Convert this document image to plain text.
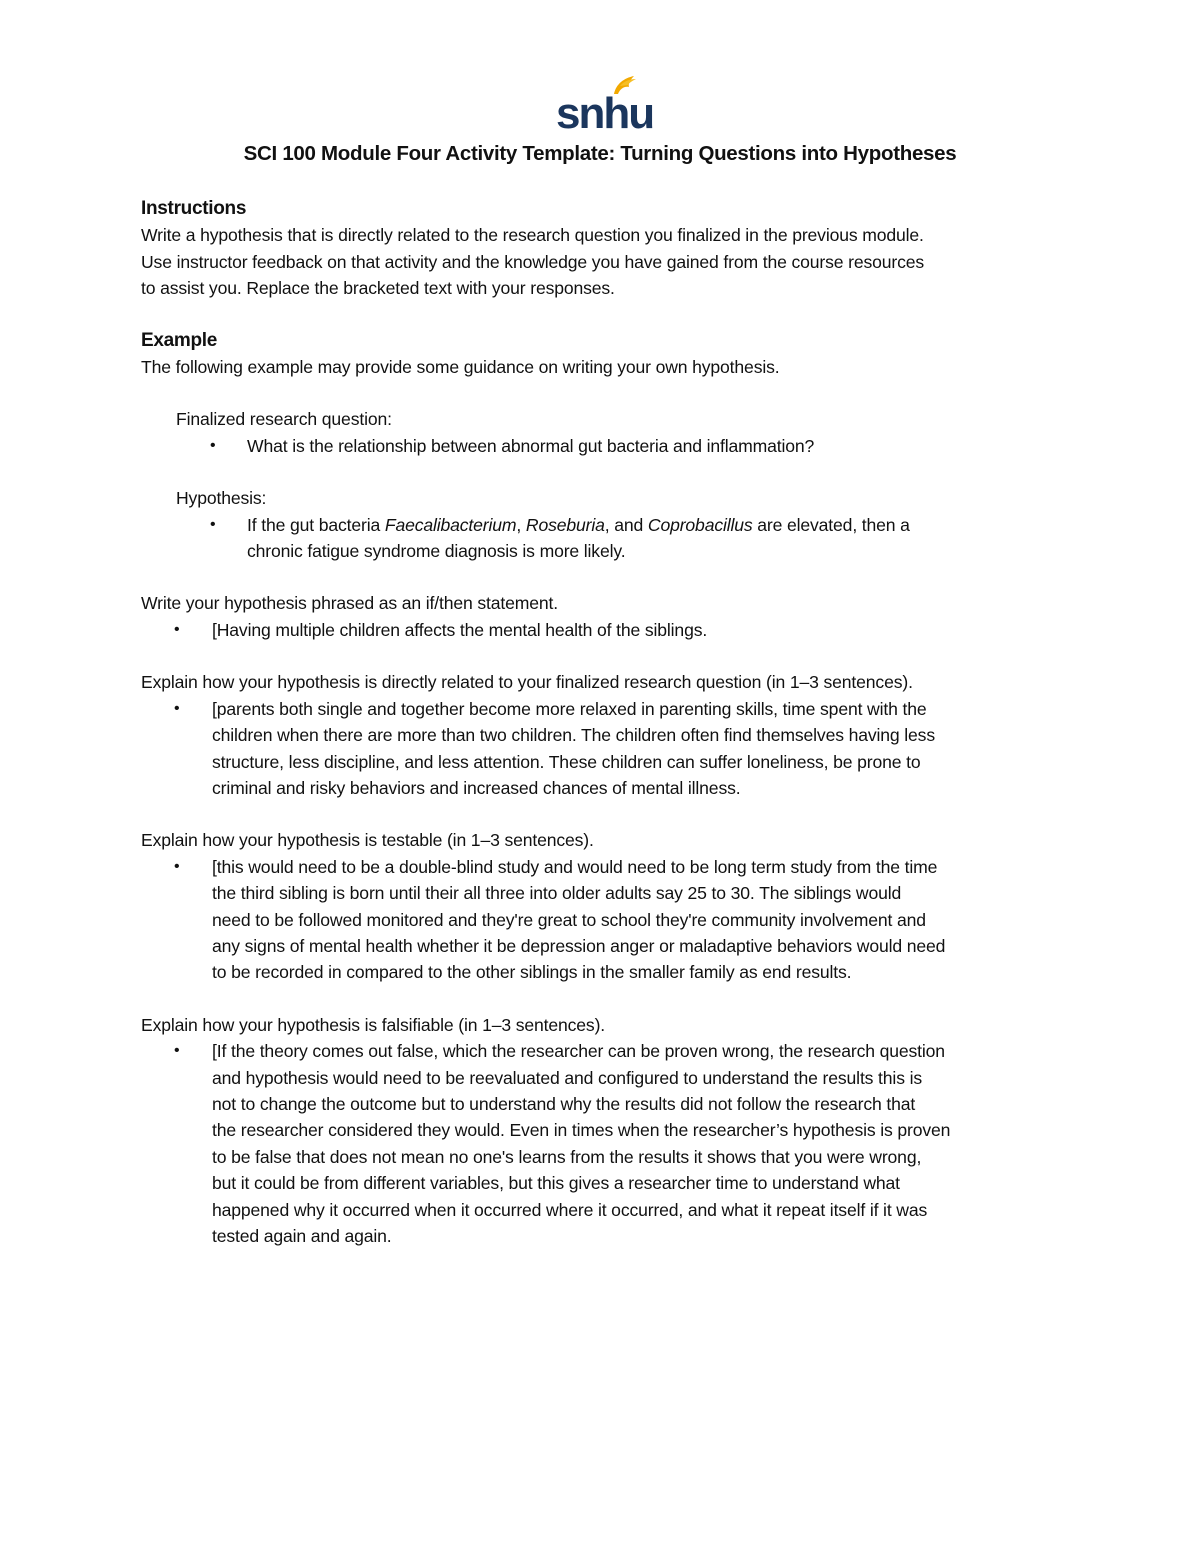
snhu
SCI 100 Module Four Activity Template: Turning Questions into Hypotheses

Instructions

Write a hypothesis that is directly related to the research question you finalized in the previous module.

Use instructor feedback on that activity and the knowledge you have gained from the course resources

to assist you. Replace the bracketed text with your responses.

Example

The following example may provide some guidance on writing your own hypothesis.

Finalized research question:

• What is the relationship between abnormal gut bacteria and inflammation?

Hypothesis:

• If the gut bacteria Faecalibacterium, Roseburia, and Coprobacillus are elevated, then a
chronic fatigue syndrome diagnosis is more likely.

Write your hypothesis phrased as an if/then statement.

• [Having multiple children affects the mental health of the siblings.

Explain how your hypothesis is directly related to your finalized research question (in 1–3 sentences).

• [parents both single and together become more relaxed in parenting skills, time spent with the
children when there are more than two children. The children often find themselves having less
structure, less discipline, and less attention. These children can suffer loneliness, be prone to
criminal and risky behaviors and increased chances of mental illness.

Explain how your hypothesis is testable (in 1–3 sentences).

• [this would need to be a double-blind study and would need to be long term study from the time
the third sibling is born until their all three into older adults say 25 to 30. The siblings would
need to be followed monitored and they're great to school they're community involvement and
any signs of mental health whether it be depression anger or maladaptive behaviors would need
to be recorded in compared to the other siblings in the smaller family as end results.

Explain how your hypothesis is falsifiable (in 1–3 sentences).

• [If the theory comes out false, which the researcher can be proven wrong, the research question
and hypothesis would need to be reevaluated and configured to understand the results this is
not to change the outcome but to understand why the results did not follow the research that
the researcher considered they would. Even in times when the researcher’s hypothesis is proven
to be false that does not mean no one's learns from the results it shows that you were wrong,
but it could be from different variables, but this gives a researcher time to understand what
happened why it occurred when it occurred where it occurred, and what it repeat itself if it was
tested again and again.
